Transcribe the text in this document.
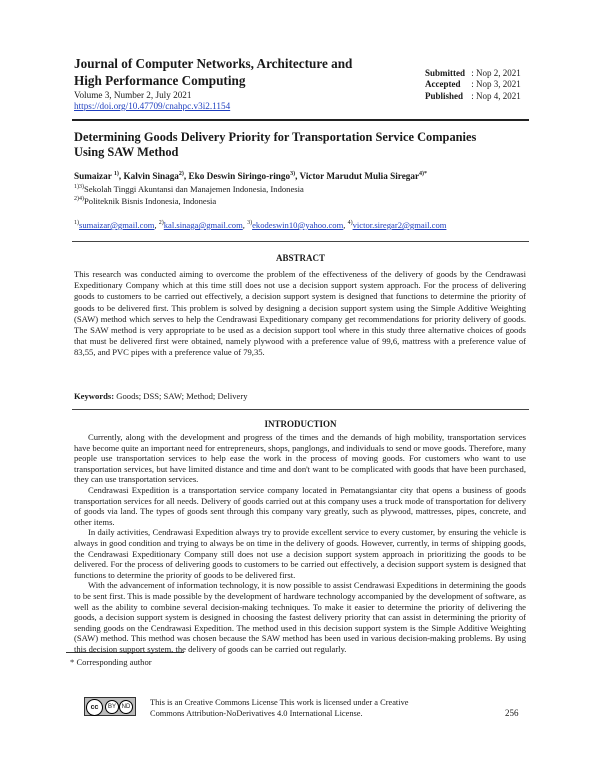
Journal of Computer Networks, Architecture and
High Performance Computing
Volume 3, Number 2, July 2021
https://doi.org/10.47709/cnahpc.v3i2.1154
Submitted : Nop 2, 2021
Accepted : Nop 3, 2021
Published : Nop 4, 2021
Determining Goods Delivery Priority for Transportation Service Companies
Using SAW Method
Sumaizar $^{1)}$, Kalvin Sinaga$^{2)}$, Eko Deswin Siringo-ringo$^{3)}$, Victor Marudut Mulia Siregar$^{4)*}$
$^{1)3)}$Sekolah Tinggi Akuntansi dan Manajemen Indonesia, Indonesia
$^{2)4)}$Politeknik Bisnis Indonesia, Indonesia
$^{1)}$sumaizar@gmail.com, $^{2)}$kal.sinaga@gmail.com, $^{3)}$ekodeswin10@yahoo.com, $^{4)}$victor.siregar2@gmail.com
ABSTRACT
This research was conducted aiming to overcome the problem of the effectiveness of the delivery of goods by the Cendrawasi Expeditionary Company which at this time still does not use a decision support system approach. For the process of delivering goods to customers to be carried out effectively, a decision support system is designed that functions to determine the priority of goods to be delivered first. This problem is solved by designing a decision support system using the Simple Additive Weighting (SAW) method which serves to help the Cendrawasi Expeditionary company get recommendations for priority delivery of goods. The SAW method is very appropriate to be used as a decision support tool where in this study three alternative choices of goods that must be delivered first were obtained, namely plywood with a preference value of 99,6, mattress with a preference value of 83,55, and PVC pipes with a preference value of 79,35.
Keywords: Goods; DSS; SAW; Method; Delivery
INTRODUCTION

Currently, along with the development and progress of the times and the demands of high mobility, transportation services have become quite an important need for entrepreneurs, shops, panglongs, and individuals to send or move goods. Therefore, many people use transportation services to help ease the work in the process of moving goods. For customers who want to use transportation services, but have limited distance and time and don't want to be complicated with goods that have been purchased, they can use transportation services.

Cendrawasi Expedition is a transportation service company located in Pematangsiantar city that opens a business of goods transportation services for all needs. Delivery of goods carried out at this company uses a truck mode of transportation for delivery of goods via land. The types of goods sent through this company vary greatly, such as plywood, mattresses, pipes, concrete, and other items.

In daily activities, Cendrawasi Expedition always try to provide excellent service to every customer, by ensuring the vehicle is always in good condition and trying to always be on time in the delivery of goods. However, currently, in terms of shipping goods, the Cendrawasi Expeditionary Company still does not use a decision support system approach in prioritizing the goods to be delivered. For the process of delivering goods to customers to be carried out effectively, a decision support system is designed that functions to determine the priority of goods to be delivered first.

With the advancement of information technology, it is now possible to assist Cendrawasi Expeditions in determining the goods to be sent first. This is made possible by the development of hardware technology accompanied by the development of software, as well as the ability to combine several decision-making techniques. To make it easier to determine the priority of delivering the goods, a decision support system is designed in choosing the fastest delivery priority that can assist in determining the priority of sending goods on the Cendrawasi Expedition. The method used in this decision support system is the Simple Additive Weighting (SAW) method. This method was chosen because the SAW method has been used in various decision-making problems. By using this decision support system, the delivery of goods can be carried out regularly.

* Corresponding author
cc	BY ND	This is an Creative Commons License This work is licensed under a Creative
Commons Attribution-NoDerivatives 4.0 International License.	256
